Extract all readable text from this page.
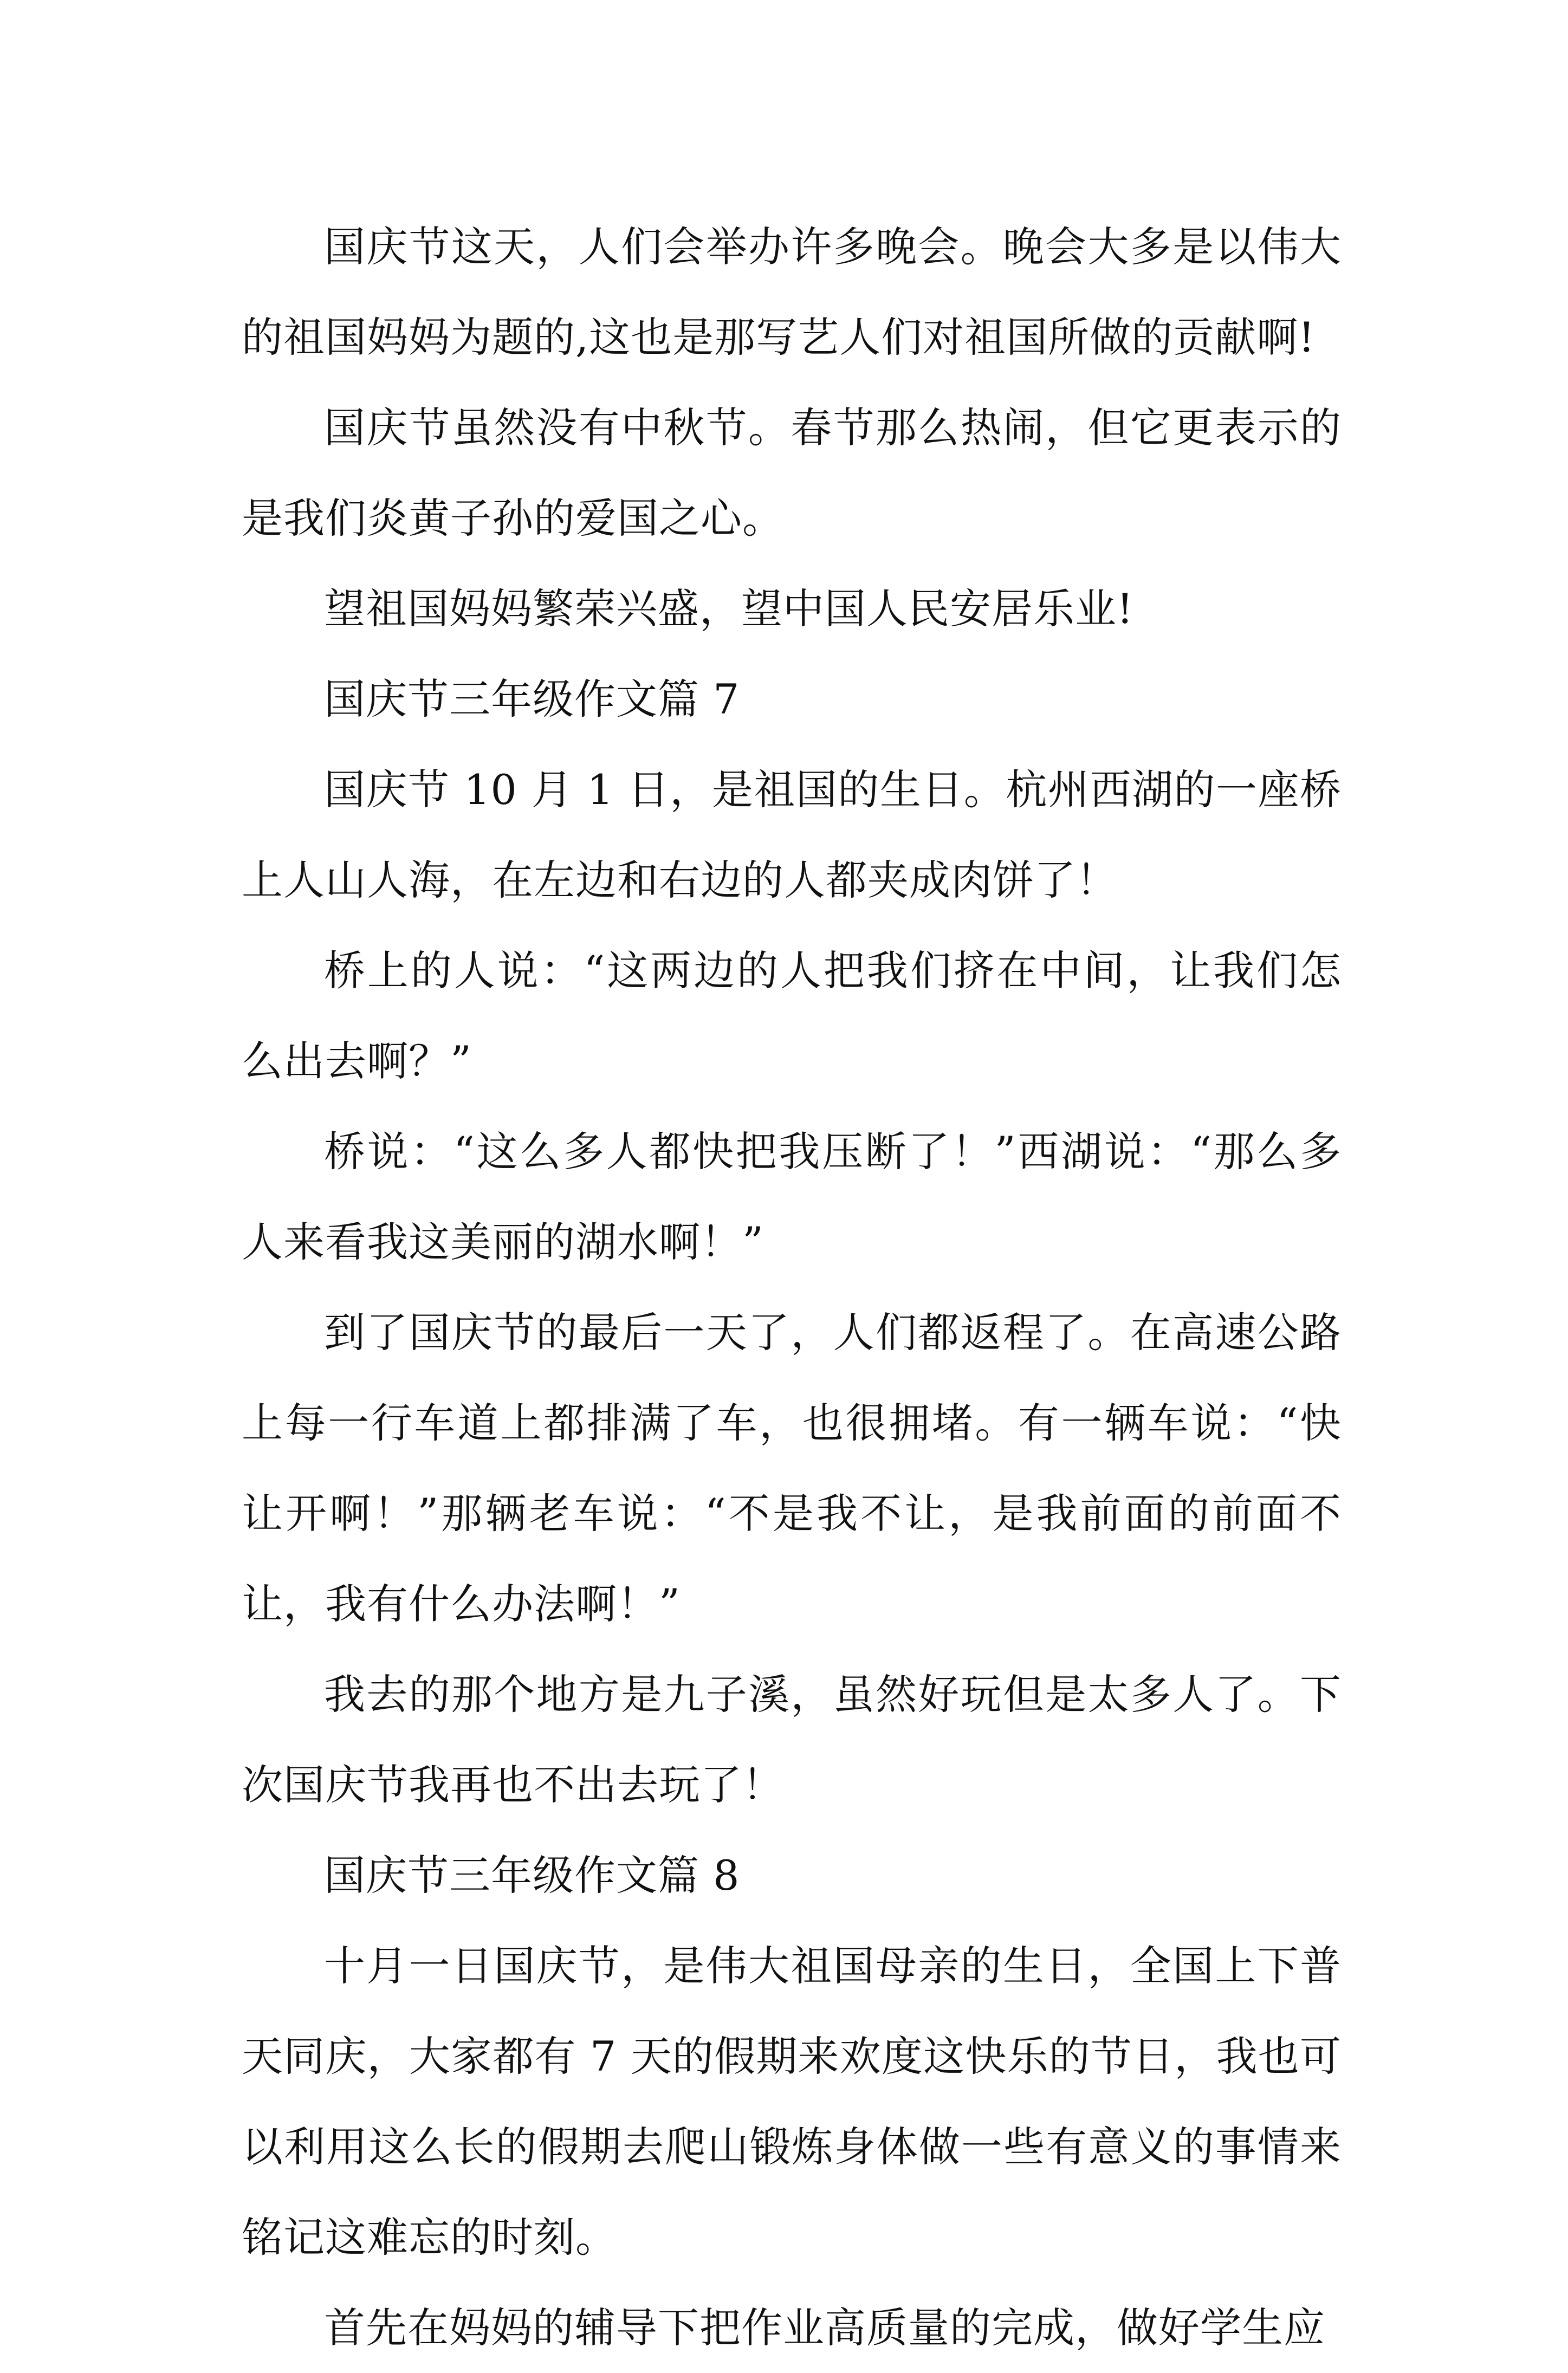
国庆节这天，人们会举办许多晚会。晚会大多是以伟大的祖国妈妈为题的,这也是那写艺人们对祖国所做的贡献啊!

国庆节虽然没有中秋节。春节那么热闹，但它更表示的是我们炎黄子孙的爱国之心。

望祖国妈妈繁荣兴盛，望中国人民安居乐业!

国庆节三年级作文篇 7

国庆节 10 月 1 日，是祖国的生日。杭州西湖的一座桥上人山人海，在左边和右边的人都夹成肉饼了！

桥上的人说：“这两边的人把我们挤在中间，让我们怎么出去啊？”

桥说：“这么多人都快把我压断了！”西湖说：“那么多人来看我这美丽的湖水啊！”

到了国庆节的最后一天了，人们都返程了。在高速公路上每一行车道上都排满了车，也很拥堵。有一辆车说：“快让开啊！”那辆老车说：“不是我不让，是我前面的前面不让，我有什么办法啊！”

我去的那个地方是九子溪，虽然好玩但是太多人了。下次国庆节我再也不出去玩了！

国庆节三年级作文篇 8

十月一日国庆节，是伟大祖国母亲的生日，全国上下普天同庆，大家都有 7 天的假期来欢度这快乐的节日，我也可以利用这么长的假期去爬山锻炼身体做一些有意义的事情来铭记这难忘的时刻。

首先在妈妈的辅导下把作业高质量的完成，做好学生应
